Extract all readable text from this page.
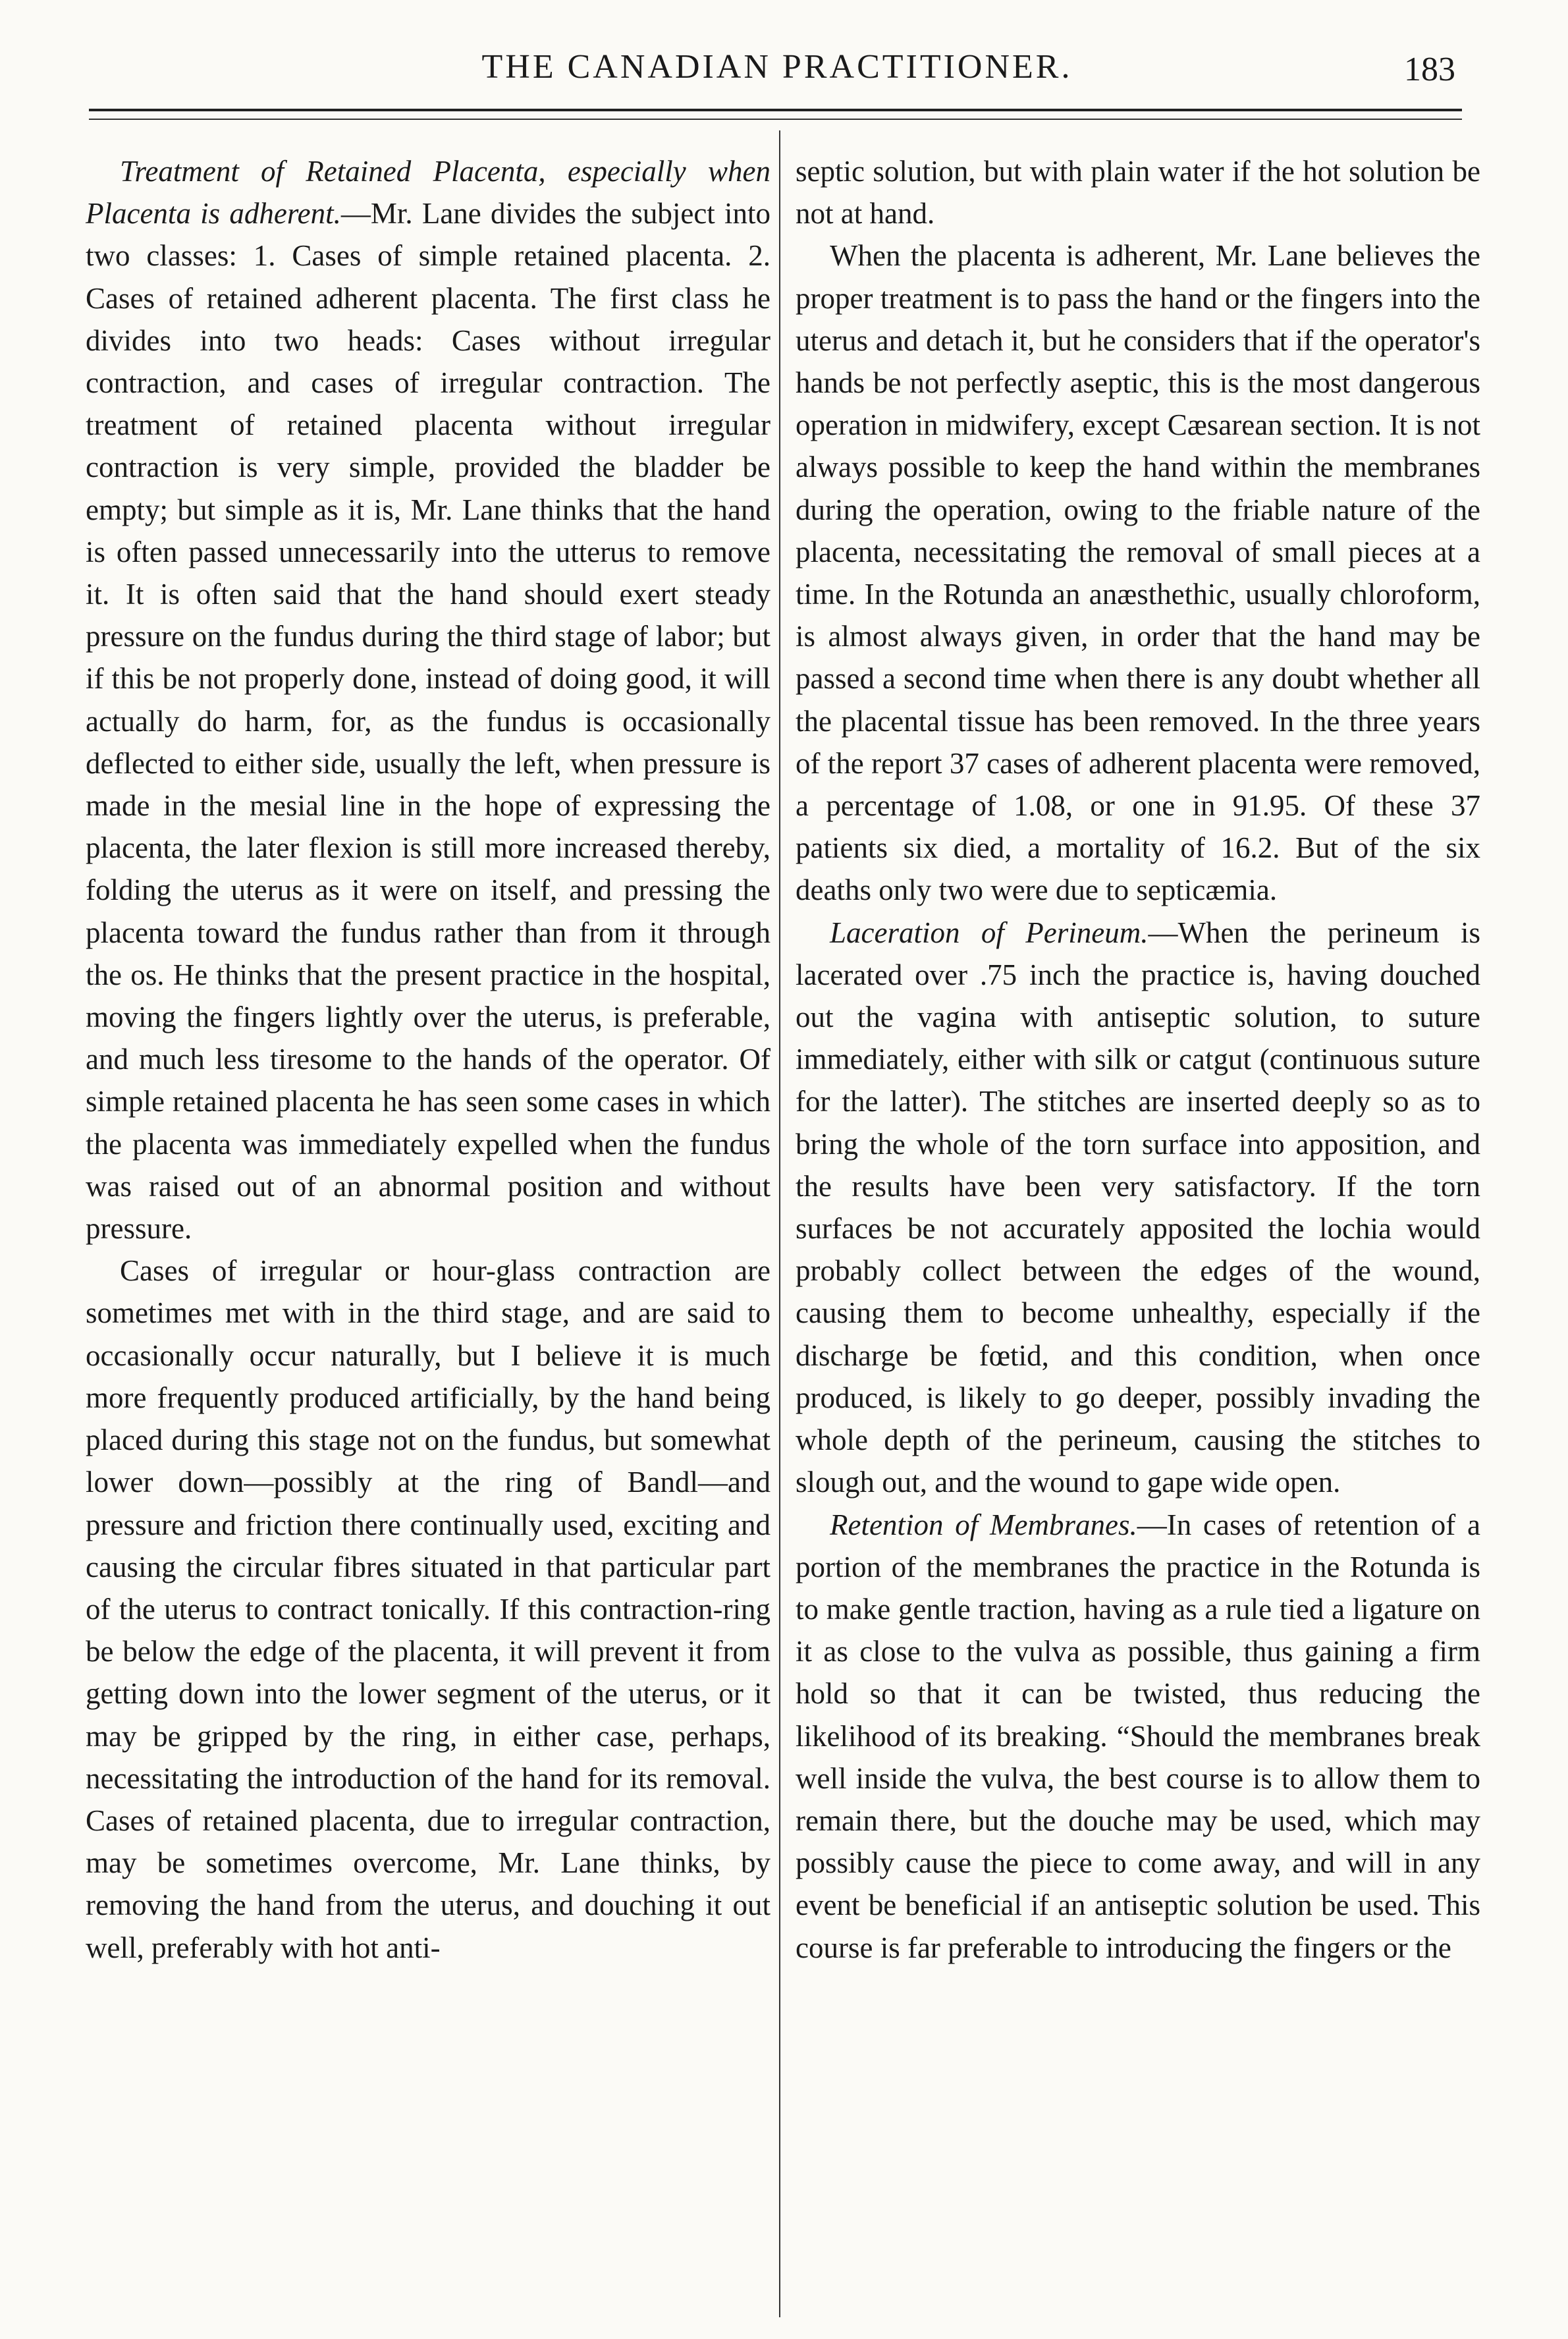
THE CANADIAN PRACTITIONER.	183

Treatment of Retained Placenta, especially when Placenta is adherent.—Mr. Lane divides the subject into two classes: 1. Cases of simple retained placenta. 2. Cases of retained adherent placenta. The first class he divides into two heads: Cases without irregular contraction, and cases of irregular contraction. The treatment of retained placenta without irregular contraction is very simple, provided the bladder be empty; but simple as it is, Mr. Lane thinks that the hand is often passed unnecessarily into the utterus to remove it. It is often said that the hand should exert steady pressure on the fundus during the third stage of labor; but if this be not properly done, instead of doing good, it will actually do harm, for, as the fundus is occasionally deflected to either side, usually the left, when pressure is made in the mesial line in the hope of expressing the placenta, the later flexion is still more increased thereby, folding the uterus as it were on itself, and pressing the placenta toward the fundus rather than from it through the os. He thinks that the present practice in the hospital, moving the fingers lightly over the uterus, is preferable, and much less tiresome to the hands of the operator. Of simple retained placenta he has seen some cases in which the placenta was immediately expelled when the fundus was raised out of an abnormal position and without pressure.

Cases of irregular or hour-glass contraction are sometimes met with in the third stage, and are said to occasionally occur naturally, but I believe it is much more frequently produced artificially, by the hand being placed during this stage not on the fundus, but somewhat lower down—possibly at the ring of Bandl—and pressure and friction there continually used, exciting and causing the circular fibres situated in that particular part of the uterus to contract tonically. If this contraction-ring be below the edge of the placenta, it will prevent it from getting down into the lower segment of the uterus, or it may be gripped by the ring, in either case, perhaps, necessitating the introduction of the hand for its removal. Cases of retained placenta, due to irregular contraction, may be sometimes overcome, Mr. Lane thinks, by removing the hand from the uterus, and douching it out well, preferably with hot anti-

septic solution, but with plain water if the hot solution be not at hand.

When the placenta is adherent, Mr. Lane believes the proper treatment is to pass the hand or the fingers into the uterus and detach it, but he considers that if the operator's hands be not perfectly aseptic, this is the most dangerous operation in midwifery, except Cæsarean section. It is not always possible to keep the hand within the membranes during the operation, owing to the friable nature of the placenta, necessitating the removal of small pieces at a time. In the Rotunda an anæsthethic, usually chloroform, is almost always given, in order that the hand may be passed a second time when there is any doubt whether all the placental tissue has been removed. In the three years of the report 37 cases of adherent placenta were removed, a percentage of 1.08, or one in 91.95. Of these 37 patients six died, a mortality of 16.2. But of the six deaths only two were due to septicæmia.

Laceration of Perineum.—When the perineum is lacerated over .75 inch the practice is, having douched out the vagina with antiseptic solution, to suture immediately, either with silk or catgut (continuous suture for the latter). The stitches are inserted deeply so as to bring the whole of the torn surface into apposition, and the results have been very satisfactory. If the torn surfaces be not accurately apposited the lochia would probably collect between the edges of the wound, causing them to become unhealthy, especially if the discharge be fœtid, and this condition, when once produced, is likely to go deeper, possibly invading the whole depth of the perineum, causing the stitches to slough out, and the wound to gape wide open.

Retention of Membranes.—In cases of retention of a portion of the membranes the practice in the Rotunda is to make gentle traction, having as a rule tied a ligature on it as close to the vulva as possible, thus gaining a firm hold so that it can be twisted, thus reducing the likelihood of its breaking. “Should the membranes break well inside the vulva, the best course is to allow them to remain there, but the douche may be used, which may possibly cause the piece to come away, and will in any event be beneficial if an antiseptic solution be used. This course is far preferable to introducing the fingers or the
